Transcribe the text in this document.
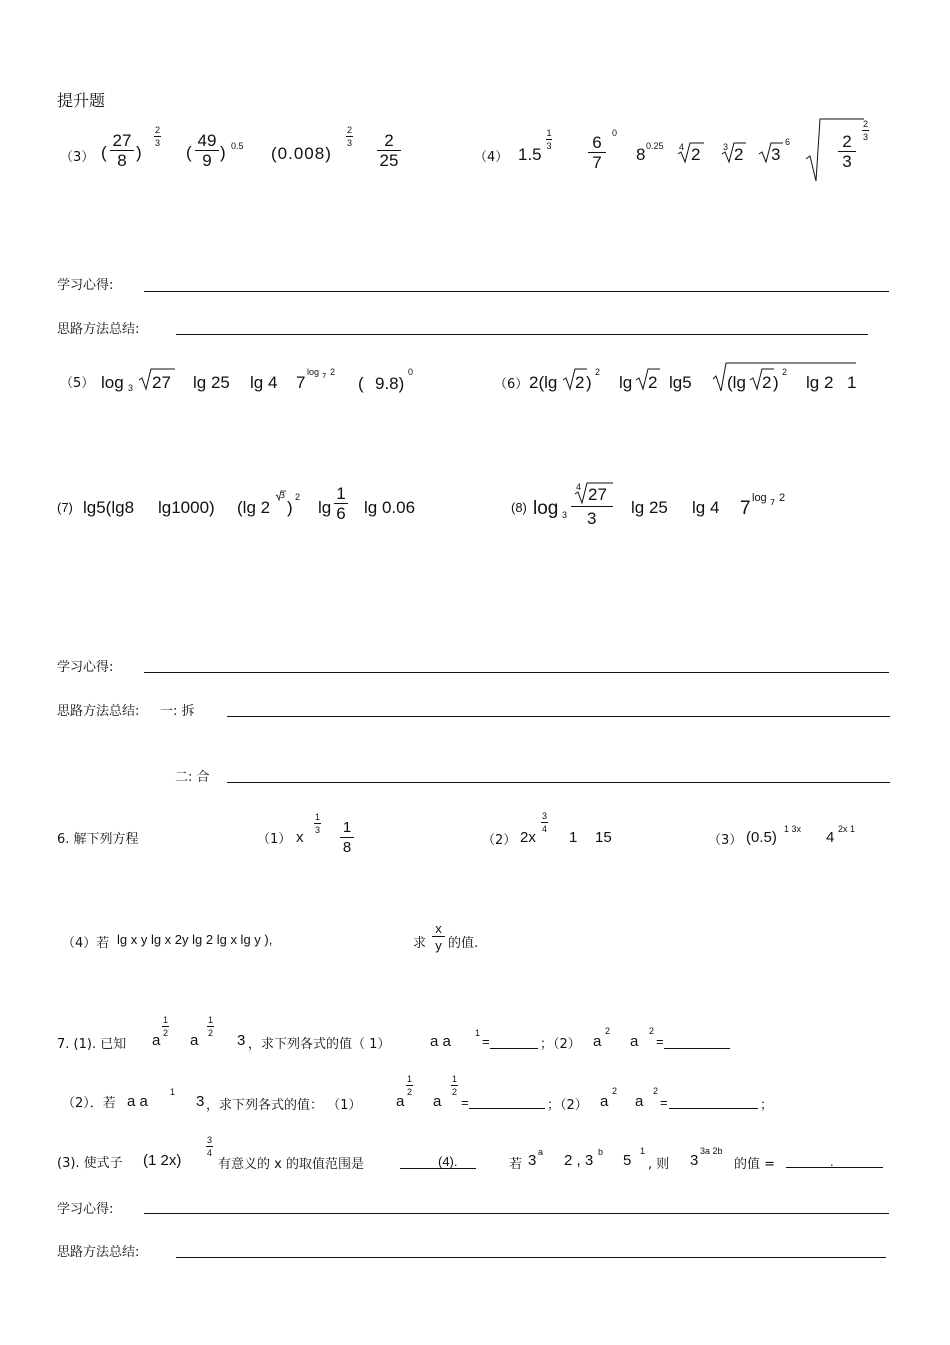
提升题
（3） (
27
8 )
2
3 (
49
9 ) 0.5 (0.008)
2
3	2
25	（4） 1.5
1
3 6
7
0
8 0.25 4 2	3 2 3
6	2
3
2
3
学习心得:
思路方法总结:
（5） log 3 27 lg 25 lg 4 7
log 7 2
( 9.8)
0
（6） 2(lg 2 )
2
lg 2 lg5 (lg 2 )
2
lg 2 1
(7) lg5(lg8 lg1000) (lg 2
3
)
2
lg
1
6 lg 0.06	(8) log 3
4 27
3
lg 25 lg 4 7 log 7 2
学习心得:
思路方法总结: 一: 拆
二: 合
6. 解下列方程	（1） x
1
3 1
8	（2） 2x
3
4 1 15	（3） (0.5) 1 3x 4 2x 1
（4）若 lg x y lg x 2y lg 2 lg x lg y ),	求
x
y 的值.
7. (1). 已知 a
1
2 a
1
2 3 ，求下列各式的值（ 1）	a a	1
=	；（2） a
2
a
2
=
（2）．若 a a
1
3 ，求下列各式的值： （1） a
1
2
a
1
2
=	；（2） a
2
a
2
=	；
(3). 使式子 (1 2x)
3
4
有意义的 x 的取值范围是	(4).	若 3 a 2 , 3 b 5
1
, 则 3
3a 2b
的值 =	.
学习心得:
思路方法总结:
